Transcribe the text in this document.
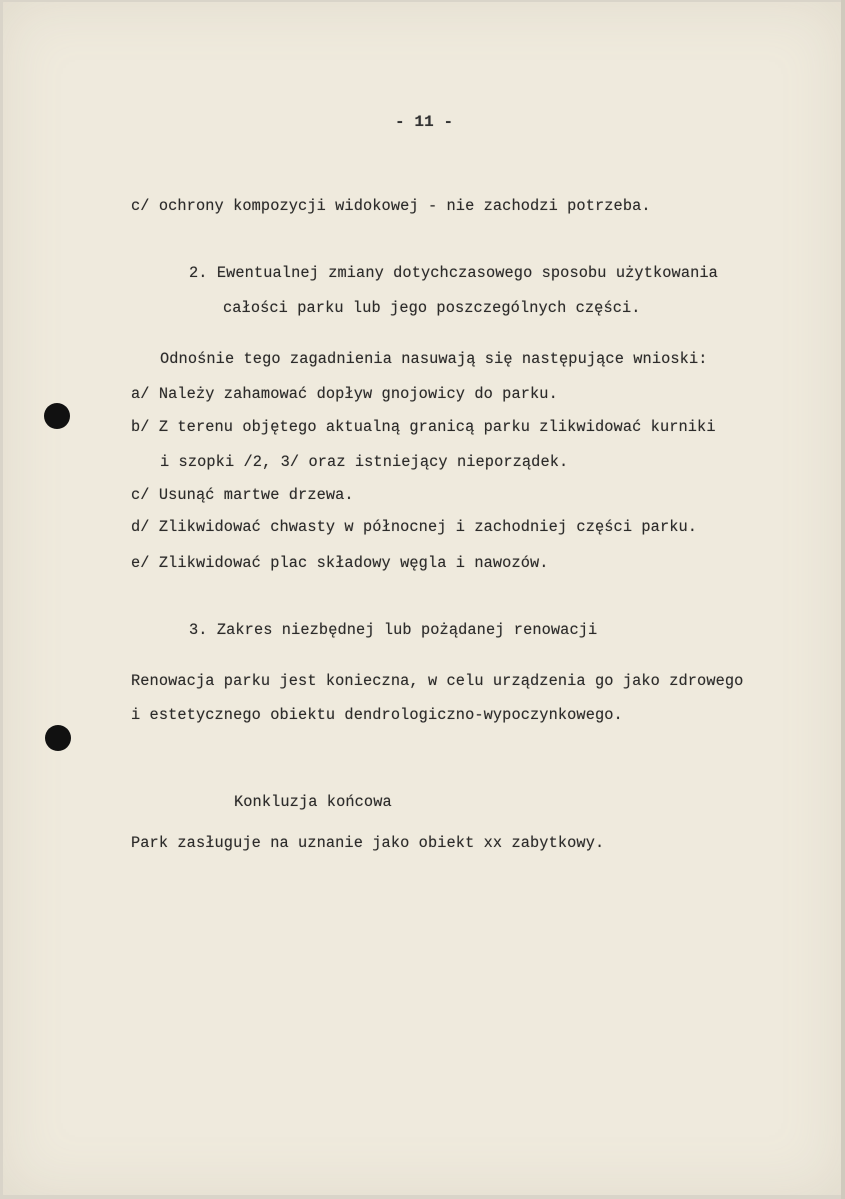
- 11 -
c/ ochrony kompozycji widokowej - nie zachodzi potrzeba.
2. Ewentualnej zmiany dotychczasowego sposobu użytkowania
całości parku lub jego poszczególnych części.
Odnośnie tego zagadnienia nasuwają się następujące wnioski:
a/ Należy zahamować dopływ gnojowicy do parku.
b/ Z terenu objętego aktualną granicą parku zlikwidować kurniki
i szopki /2, 3/ oraz istniejący nieporządek.
c/ Usunąć martwe drzewa.
d/ Zlikwidować chwasty w północnej i zachodniej części parku.
e/ Zlikwidować plac składowy węgla i nawozów.
3. Zakres niezbędnej lub pożądanej renowacji
Renowacja parku jest konieczna, w celu urządzenia go jako zdrowego
i estetycznego obiektu dendrologiczno-wypoczynkowego.
Konkluzja końcowa
Park zasługuje na uznanie jako obiekt xx zabytkowy.
